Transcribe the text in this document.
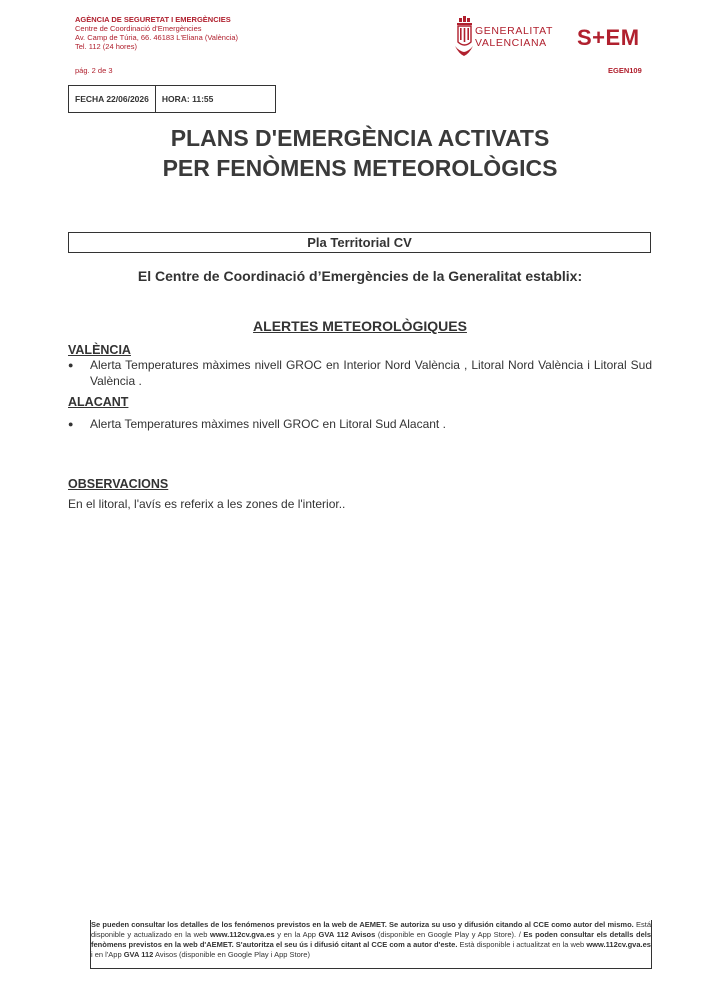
AGÈNCIA DE SEGURETAT I EMERGÈNCIES
Centre de Coordinació d'Emergències
Av. Camp de Túria, 66. 46183 L'Eliana (València)
Tel. 112 (24 hores)
pág. 2 de 3
GENERALITAT
VALENCIANA S+EM
EGEN109
FECHA 22/06/2026	HORA: 11:55
PLANS D'EMERGÈNCIA ACTIVATS
PER FENÒMENS METEOROLÒGICS
Pla Territorial CV
El Centre de Coordinació d’Emergències de la Generalitat establix:
ALERTES METEOROLÒGIQUES
VALÈNCIA
●	Alerta Temperatures màximes nivell GROC en Interior Nord València , Litoral Nord València i Litoral Sud València .
ALACANT
●	Alerta Temperatures màximes nivell GROC en Litoral Sud Alacant .
OBSERVACIONS
En el litoral, l'avís es referix a les zones de l'interior..
Se pueden consultar los detalles de los fenómenos previstos en la web de AEMET. Se autoriza su uso y difusión citando al CCE como autor del mismo. Está disponible y actualizado en la web www.112cv.gva.es y en la App GVA 112 Avisos (disponible en Google Play y App Store). / Es poden consultar els detalls dels fenòmens previstos en la web d'AEMET. S'autoritza el seu ús i difusió citant al CCE com a autor d'este. Està disponible i actualitzat en la web www.112cv.gva.es i en l'App GVA 112 Avisos (disponible en Google Play i App Store)
